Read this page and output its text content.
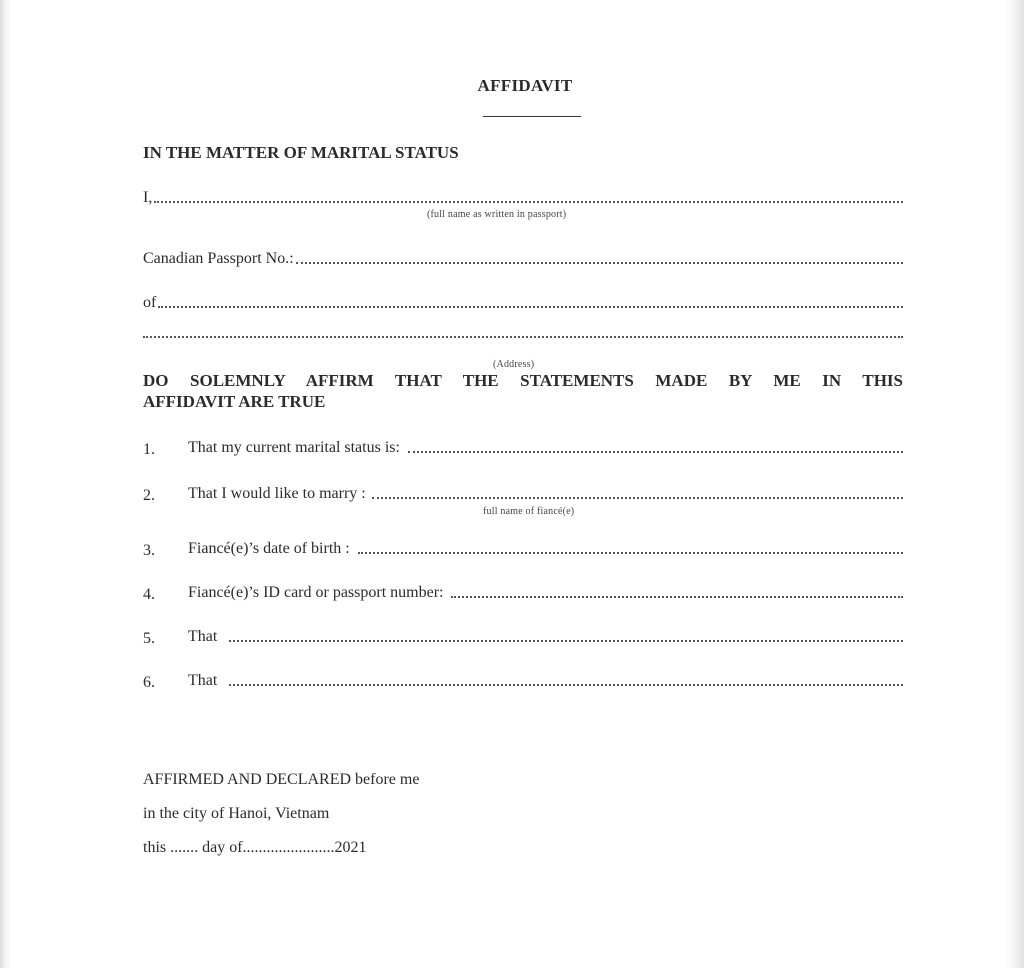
AFFIDAVIT
IN THE MATTER OF MARITAL STATUS
I,
(full name as written in passport)
Canadian Passport No.:
of
(Address)
DO SOLEMNLY AFFIRM THAT THE STATEMENTS MADE BY ME IN THIS
AFFIDAVIT ARE TRUE
1. That my current marital status is:
2. That I would like to marry :
full name of fiancé(e)
3. Fiancé(e)’s date of birth :
4. Fiancé(e)’s ID card or passport number:
5. That
6. That
AFFIRMED AND DECLARED before me
in the city of Hanoi, Vietnam
this ....... day of.......................2021
